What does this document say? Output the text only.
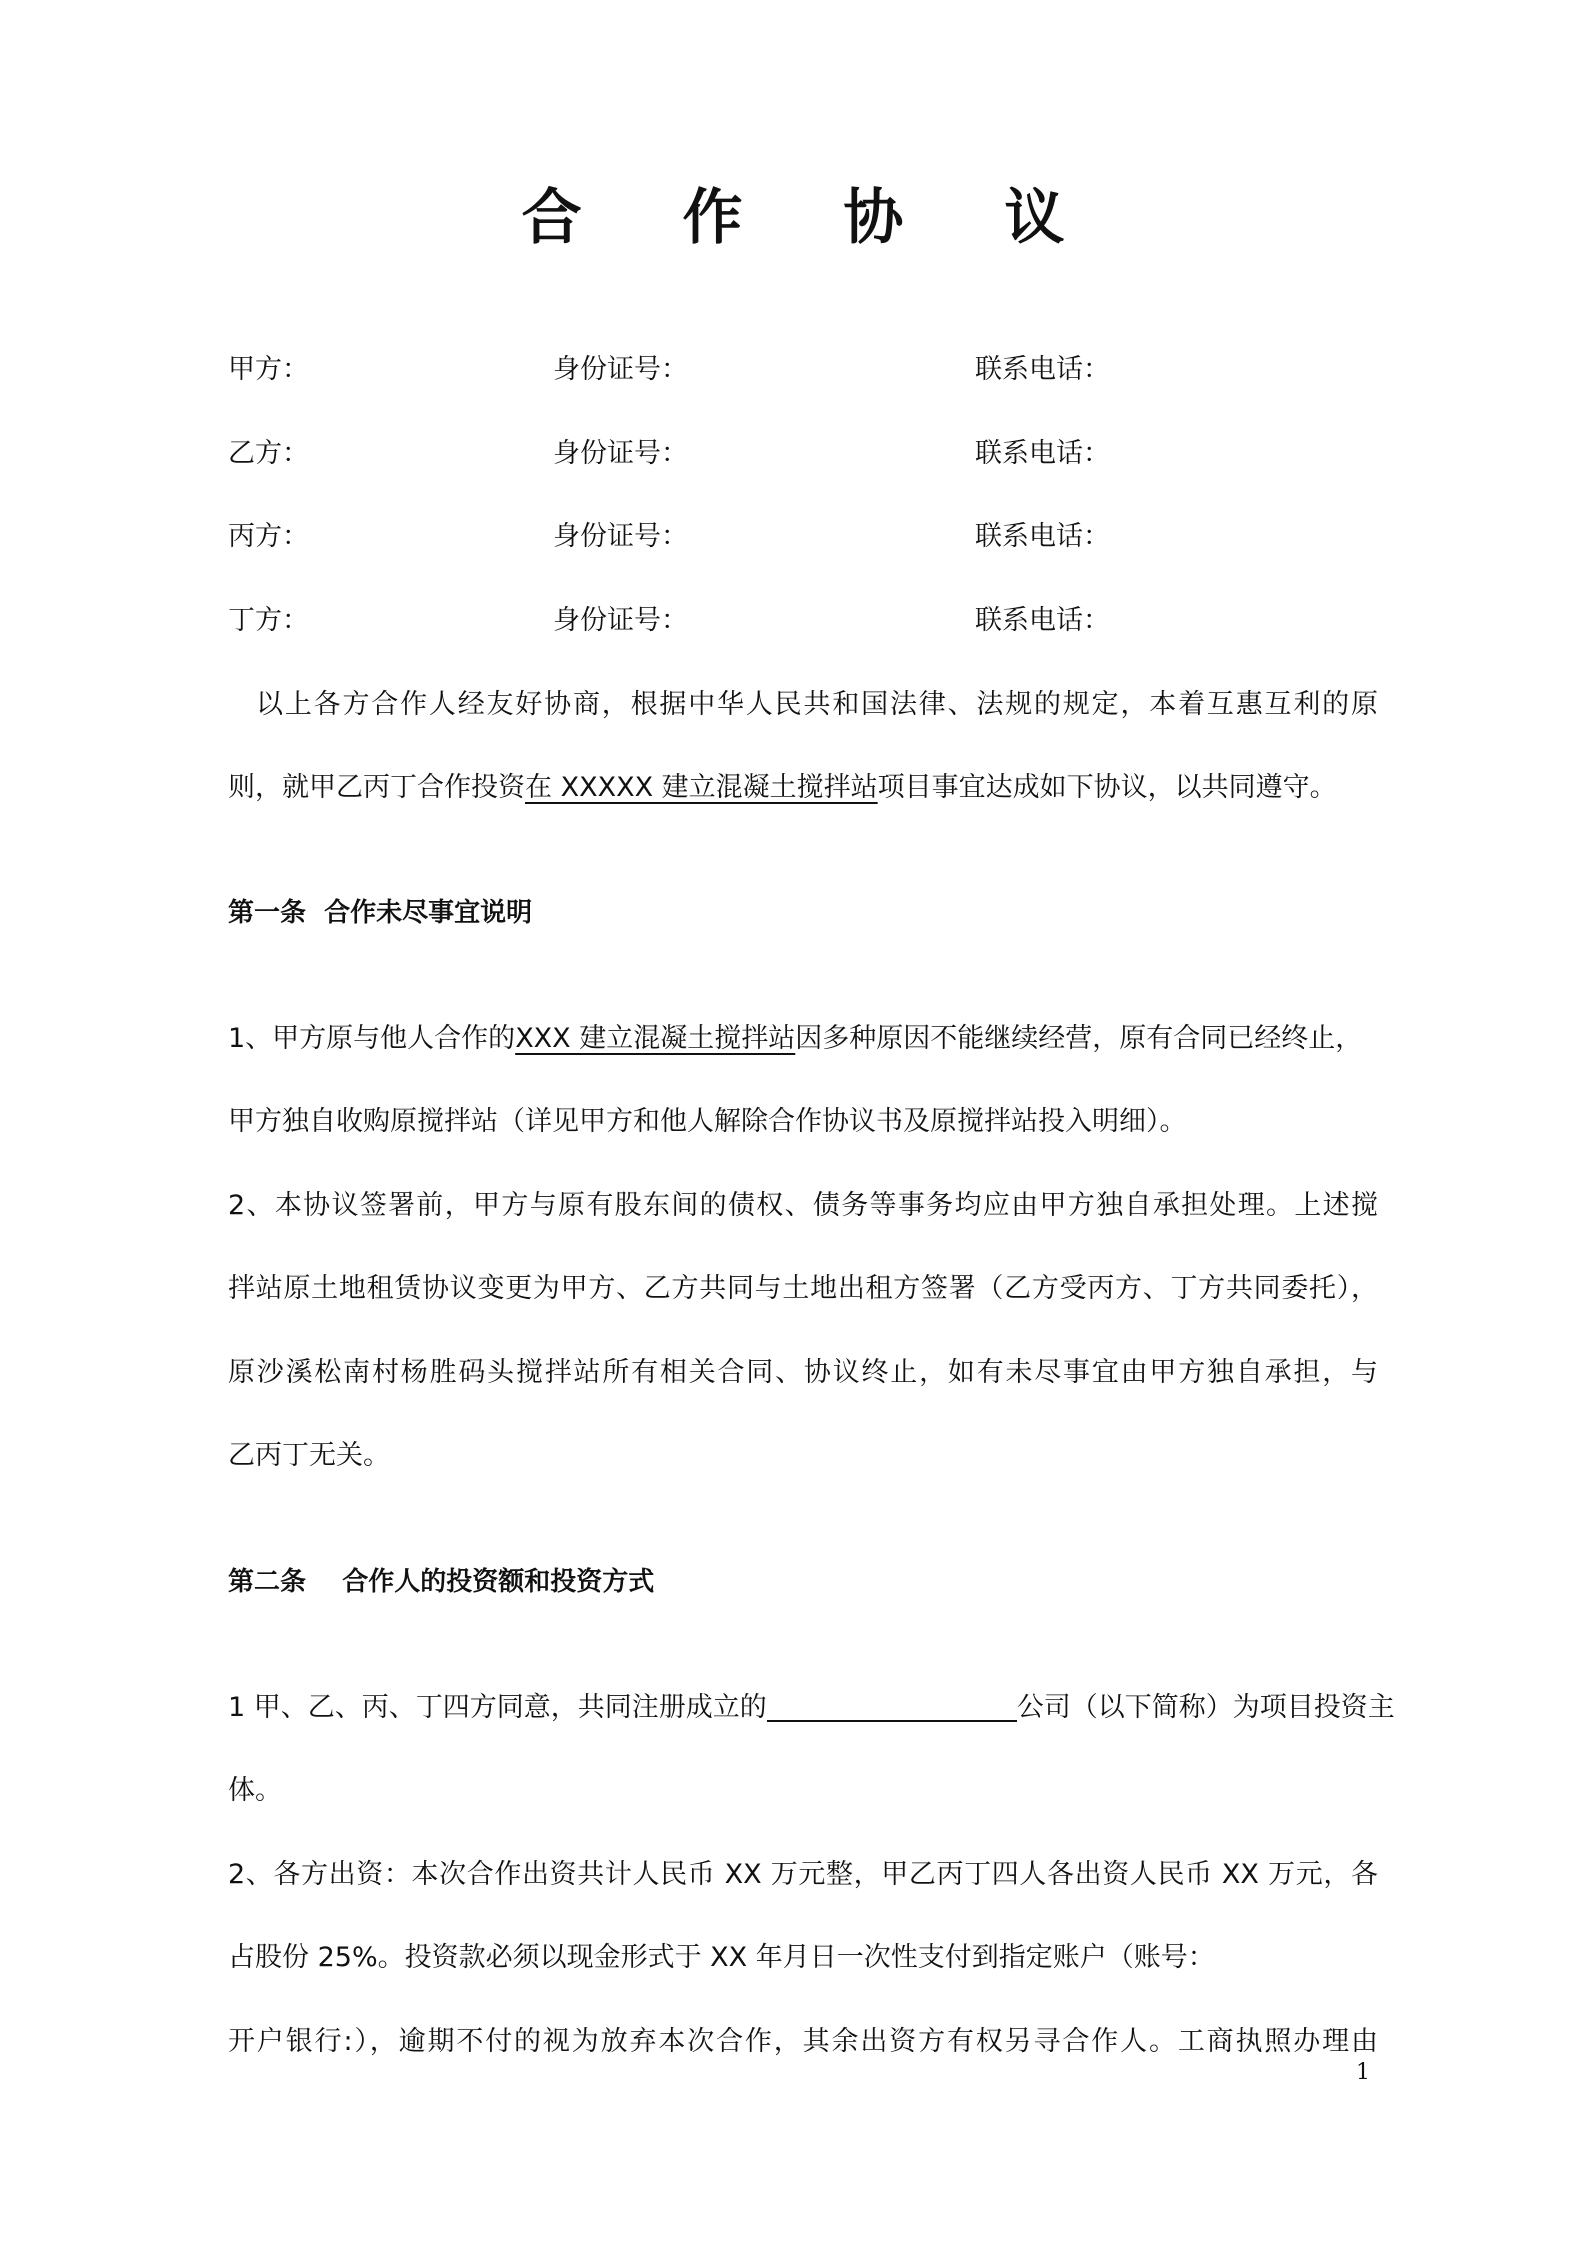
合 作 协 议
甲方：	身份证号：	联系电话：
乙方：	身份证号：	联系电话：
丙方：	身份证号：	联系电话：
丁方：	身份证号：	联系电话：
以上各方合作人经友好协商，根据中华人民共和国法律、法规的规定，本着互惠互利的原
则，就甲乙丙丁合作投资在 XXXXX 建立混凝土搅拌站项目事宜达成如下协议，以共同遵守。
第一条  合作未尽事宜说明
1、甲方原与他人合作的XXX 建立混凝土搅拌站因多种原因不能继续经营，原有合同已经终止，
甲方独自收购原搅拌站（详见甲方和他人解除合作协议书及原搅拌站投入明细）。
2、本协议签署前，甲方与原有股东间的债权、债务等事务均应由甲方独自承担处理。上述搅
拌站原土地租赁协议变更为甲方、乙方共同与土地出租方签署（乙方受丙方、丁方共同委托），
原沙溪松南村杨胜码头搅拌站所有相关合同、协议终止，如有未尽事宜由甲方独自承担，与
乙丙丁无关。
第二条    合作人的投资额和投资方式
1 甲、乙、丙、丁四方同意，共同注册成立的	公司（以下简称）为项目投资主
体。
2、各方出资：本次合作出资共计人民币 XX 万元整，甲乙丙丁四人各出资人民币 XX 万元，各
占股份 25%。投资款必须以现金形式于 XX 年月日一次性支付到指定账户（账号：
开户银行:），逾期不付的视为放弃本次合作，其余出资方有权另寻合作人。工商执照办理由
1
